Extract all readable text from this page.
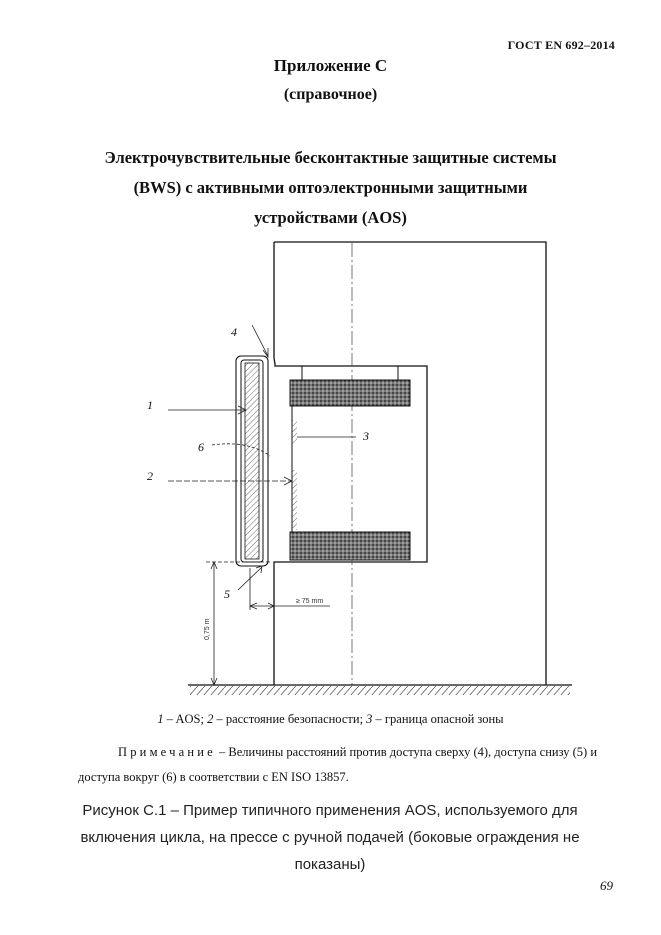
ГОСТ EN 692–2014
Приложение С
(справочное)
Электрочувствительные бесконтактные защитные системы
(BWS) с активными оптоэлектронными защитными
устройствами (AOS)
1
2
3
4
5
6
0,75 m
≥ 75 mm
1 – AOS; 2 – расстояние безопасности; 3 – граница опасной зоны
Примечание – Величины расстояний против доступа сверху (4), доступа снизу (5) и доступа вокруг (6) в соответствии с EN ISO 13857.
Рисунок С.1 – Пример типичного применения AOS, используемого для
включения цикла, на прессе с ручной подачей (боковые ограждения не
показаны)
69
